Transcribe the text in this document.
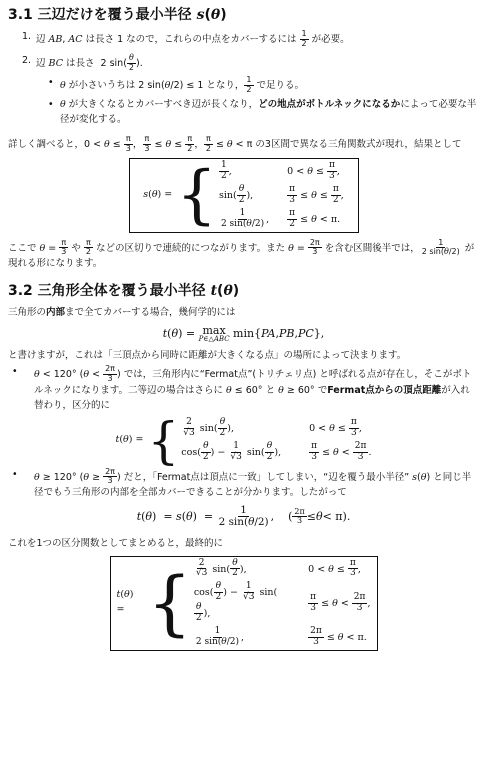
3.1 三辺だけを覆う最小半径 s(θ)
1. 辺 AB, AC は長さ 1 なので，これらの中点をカバーするには $\frac{1}{2}$ が必要。
2. 辺 BC は長さ  2 $\sin( \frac{\theta}{2}$ ).
• θ が小さいうちは 2 sin(θ/2) ≤ 1 となり， $\frac{1}{2}$ で足りる。
• θ が大きくなるとカバーすべき辺が長くなり，どの地点がボトルネックになるかによって必要な半径が変化する。

詳しく調べると，$0 < \theta \le \frac{\pi}{3}$ ， $\frac{\pi}{3} \le \theta \le \frac{\pi}{2}$ ， $\frac{\pi}{2} \le \theta < \pi$ の3区間で異なる三角関数式が現れ，結果として

s(θ) = { $\frac{1}{2}$ ,	$0 < \theta \le \frac{\pi}{3}$ ,
$\sin( \frac{\theta}{2}$ ),	$\frac{\pi}{3} \le \theta \le \frac{\pi}{2}$ ,
$\frac{1}{2 \sin(\theta/2)}$ , $\frac{\pi}{2} \le \theta < \pi$.

ここで $\theta = \frac{\pi}{3}$ や $\frac{\pi}{2}$ などの区切りで連続的につながります。また $\theta = \frac{2\pi}{3}$ を含む区間後半では， $\frac{1}{2 \sin(\theta/2)}$ が現れる形になります。

3.2 三角形全体を覆う最小半径 t(θ)

三角形の内部まで全てカバーする場合，幾何学的には

t ( θ ) = max
P∈△ABC min{ PA , PB , PC },

と書けますが，これは「三頂点から同時に距離が大きくなる点」の場所によって決まります。

•	θ < 120° ($\theta < \frac{2\pi}{3}$ ) では，三角形内に“Fermat点”(トリチェリ点) と呼ばれる点が存在し，そこがボトルネックになります。二等辺の場合はさらに θ ≤ 60° と θ ≥ 60° でFermat点からの頂点距離が入れ替わり，区分的に
t(θ) = { $\frac{2}{√3} \sin( \frac{\theta}{2}$ ),	$0 < \theta \le \frac{\pi}{3}$ ,
$\cos( \frac{\theta}{2}$ ) − $\frac{1}{√3} \sin( \frac{\theta}{2}$ ),	$\frac{\pi}{3} \le \theta < \frac{2\pi}{3}$ .
•	θ ≥ 120° ($\theta \ge \frac{2\pi}{3}$ ) だと，「Fermat点は頂点に一致」してしまい，“辺を覆う最小半径” s(θ) と同じ半径でもう三角形の内部を全部カバーできることが分かります。したがって
t ( θ )  = s ( θ )  = $\frac{1}{2 \sin(\theta/2)}$ ,    ( $\frac{2\pi}{3} \le \theta < \pi$).

これを1つの区分関数としてまとめると，最終的に

t(θ) = { $\frac{2}{√3} \sin( \frac{\theta}{2}$ ),	$0 < \theta \le \frac{\pi}{3}$ ,
$\cos( \frac{\theta}{2}$ ) − $\frac{1}{√3} \sin$(
$\frac{\theta}{2}$ ),	$\frac{\pi}{3} \le \theta < \frac{2\pi}{3}$ ,
$\frac{1}{2 \sin(\theta/2)}$ ,	$\frac{2\pi}{3} \le \theta < \pi$.
